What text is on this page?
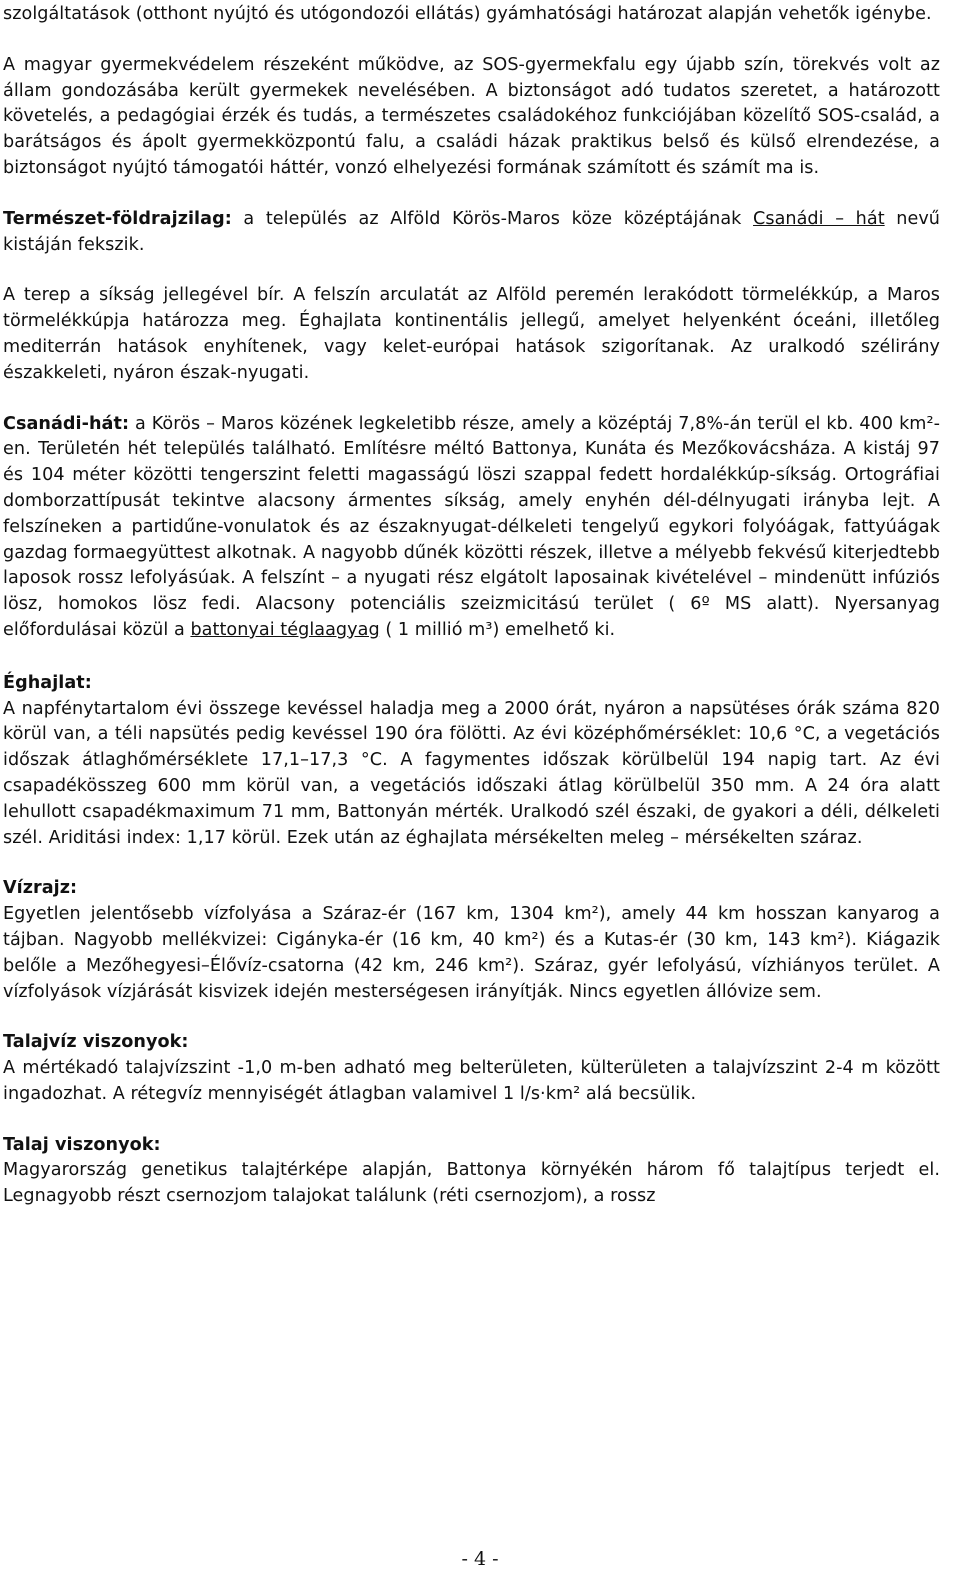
szolgáltatások (otthont nyújtó és utógondozói ellátás) gyámhatósági határozat alapján vehetők igénybe.

A magyar gyermekvédelem részeként működve, az SOS-gyermekfalu egy újabb szín, törekvés volt az állam gondozásába került gyermekek nevelésében. A biztonságot adó tudatos szeretet, a határozott követelés, a pedagógiai érzék és tudás, a természetes családokéhoz funkciójában közelítő SOS-család, a barátságos és ápolt gyermekközpontú falu, a családi házak praktikus belső és külső elrendezése, a biztonságot nyújtó támogatói háttér, vonzó elhelyezési formának számított és számít ma is.

Természet-földrajzilag: a település az Alföld Körös-Maros köze középtájának Csanádi – hát nevű kistáján fekszik.

A terep a síkság jellegével bír. A felszín arculatát az Alföld peremén lerakódott törmelékkúp, a Maros törmelékkúpja határozza meg. Éghajlata kontinentális jellegű, amelyet helyenként óceáni, illetőleg mediterrán hatások enyhítenek, vagy kelet-európai hatások szigorítanak. Az uralkodó szélirány északkeleti, nyáron észak-nyugati.

Csanádi-hát: a Körös – Maros közének legkeletibb része, amely a középtáj 7,8%-án terül el kb. 400 km²-en. Területén hét település található. Említésre méltó Battonya, Kunáta és Mezőkovácsháza. A kistáj 97 és 104 méter közötti tengerszint feletti magasságú löszi szappal fedett hordalékkúp-síkság. Ortográfiai domborzattípusát tekintve alacsony ármentes síkság, amely enyhén dél-délnyugati irányba lejt. A felszíneken a partidűne-vonulatok és az északnyugat-délkeleti tengelyű egykori folyóágak, fattyúágak gazdag formaegyüttest alkotnak. A nagyobb dűnék közötti részek, illetve a mélyebb fekvésű kiterjedtebb laposok rossz lefolyásúak. A felszínt – a nyugati rész elgátolt laposainak kivételével – mindenütt infúziós lösz, homokos lösz fedi. Alacsony potenciális szeizmicitású terület ( 6º MS alatt). Nyersanyag előfordulásai közül a battonyai téglaagyag ( 1 millió m³) emelhető ki.

Éghajlat:

A napfénytartalom évi összege kevéssel haladja meg a 2000 órát, nyáron a napsütéses órák száma 820 körül van, a téli napsütés pedig kevéssel 190 óra fölötti. Az évi középhőmérséklet: 10,6 °C, a vegetációs időszak átlaghőmérséklete 17,1–17,3 °C. A fagymentes időszak körülbelül 194 napig tart. Az évi csapadékösszeg 600 mm körül van, a vegetációs időszaki átlag körülbelül 350 mm. A 24 óra alatt lehullott csapadékmaximum 71 mm, Battonyán mérték. Uralkodó szél északi, de gyakori a déli, délkeleti szél. Ariditási index: 1,17 körül. Ezek után az éghajlata mérsékelten meleg – mérsékelten száraz.

Vízrajz:

Egyetlen jelentősebb vízfolyása a Száraz-ér (167 km, 1304 km²), amely 44 km hosszan kanyarog a tájban. Nagyobb mellékvizei: Cigányka-ér (16 km, 40 km²) és a Kutas-ér (30 km, 143 km²). Kiágazik belőle a Mezőhegyesi–Élővíz-csatorna (42 km, 246 km²). Száraz, gyér lefolyású, vízhiányos terület. A vízfolyások vízjárását kisvizek idején mesterségesen irányítják. Nincs egyetlen állóvize sem.

Talajvíz viszonyok:

A mértékadó talajvízszint -1,0 m-ben adható meg belterületen, külterületen a talajvízszint 2-4 m között ingadozhat. A rétegvíz mennyiségét átlagban valamivel 1 l/s·km² alá becsülik.

Talaj viszonyok:

Magyarország genetikus talajtérképe alapján, Battonya környékén három fő talajtípus terjedt el. Legnagyobb részt csernozjom talajokat találunk (réti csernozjom), a rossz

- 4 -
